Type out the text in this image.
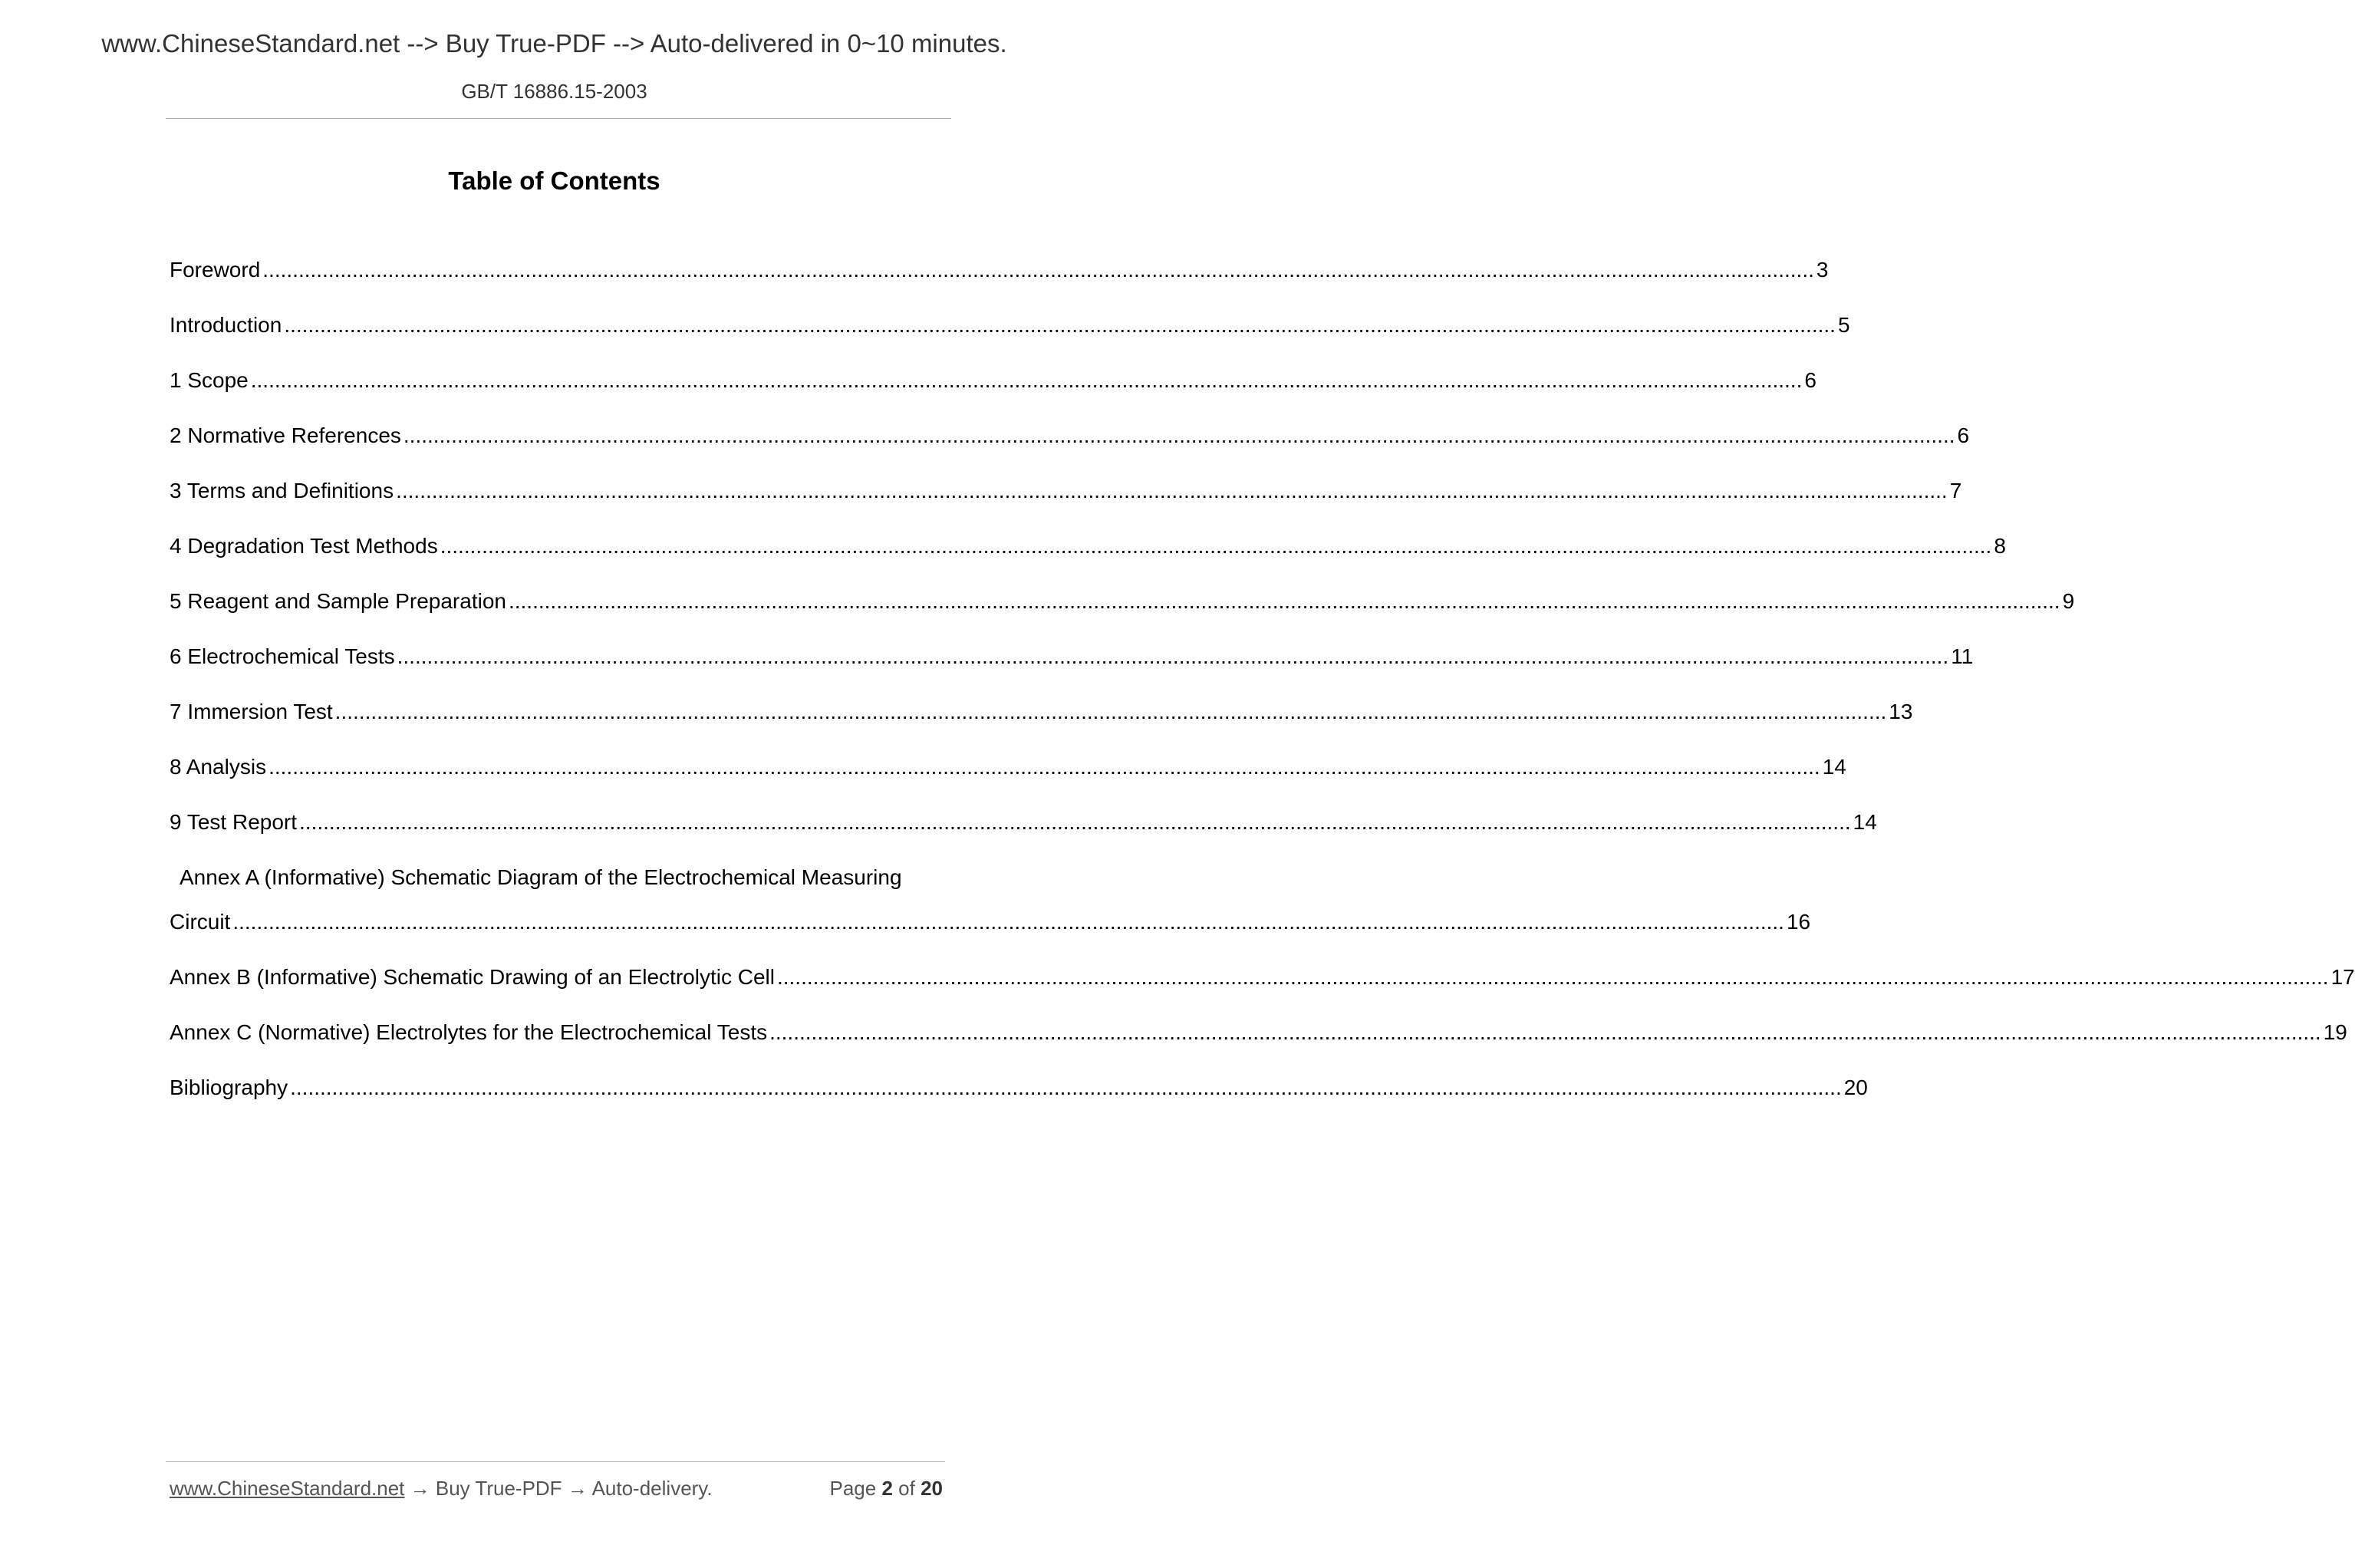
www.ChineseStandard.net --> Buy True-PDF --> Auto-delivered in 0~10 minutes.
GB/T 16886.15-2003
Table of Contents
Foreword .................................................................................................................................................................................................................................................................... 3
Introduction .................................................................................................................................................................................................................................................................... 5
1 Scope .................................................................................................................................................................................................................................................................... 6
2 Normative References .................................................................................................................................................................................................................................................................... 6
3 Terms and Definitions .................................................................................................................................................................................................................................................................... 7
4 Degradation Test Methods .................................................................................................................................................................................................................................................................... 8
5 Reagent and Sample Preparation .................................................................................................................................................................................................................................................................... 9
6 Electrochemical Tests .................................................................................................................................................................................................................................................................... 11
7 Immersion Test .................................................................................................................................................................................................................................................................... 13
8 Analysis .................................................................................................................................................................................................................................................................... 14
9 Test Report .................................................................................................................................................................................................................................................................... 14
Annex A (Informative) Schematic Diagram of the Electrochemical Measuring
Circuit .................................................................................................................................................................................................................................................................... 16
Annex B (Informative) Schematic Drawing of an Electrolytic Cell .................................................................................................................................................................................................................................................................... 17
Annex C (Normative) Electrolytes for the Electrochemical Tests .................................................................................................................................................................................................................................................................... 19
Bibliography .................................................................................................................................................................................................................................................................... 20
www.ChineseStandard.net → Buy True-PDF → Auto-delivery.	Page 2 of 20
